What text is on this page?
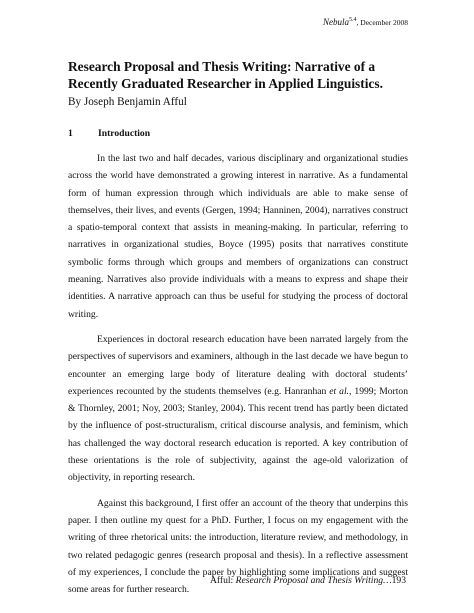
Nebula$^{5.4}$, December 2008
Research Proposal and Thesis Writing: Narrative of a Recently Graduated Researcher in Applied Linguistics.

By Joseph Benjamin Afful

1	Introduction

In the last two and half decades, various disciplinary and organizational studies across the world have demonstrated a growing interest in narrative. As a fundamental form of human expression through which individuals are able to make sense of themselves, their lives, and events (Gergen, 1994; Hanninen, 2004), narratives construct a spatio-temporal context that assists in meaning-making. In particular, referring to narratives in organizational studies, Boyce (1995) posits that narratives constitute symbolic forms through which groups and members of organizations can construct meaning. Narratives also provide individuals with a means to express and shape their identities. A narrative approach can thus be useful for studying the process of doctoral writing.

Experiences in doctoral research education have been narrated largely from the perspectives of supervisors and examiners, although in the last decade we have begun to encounter an emerging large body of literature dealing with doctoral students’ experiences recounted by the students themselves (e.g. Hanranhan et al., 1999; Morton & Thornley, 2001; Noy, 2003; Stanley, 2004). This recent trend has partly been dictated by the influence of post-structuralism, critical discourse analysis, and feminism, which has challenged the way doctoral research education is reported. A key contribution of these orientations is the role of subjectivity, against the age-old valorization of objectivity, in reporting research.

Against this background, I first offer an account of the theory that underpins this paper. I then outline my quest for a PhD. Further, I focus on my engagement with the writing of three rhetorical units: the introduction, literature review, and methodology, in two related pedagogic genres (research proposal and thesis). In a reflective assessment of my experiences, I conclude the paper by highlighting some implications and suggest some areas for further research.

Afful: Research Proposal and Thesis Writing…193
